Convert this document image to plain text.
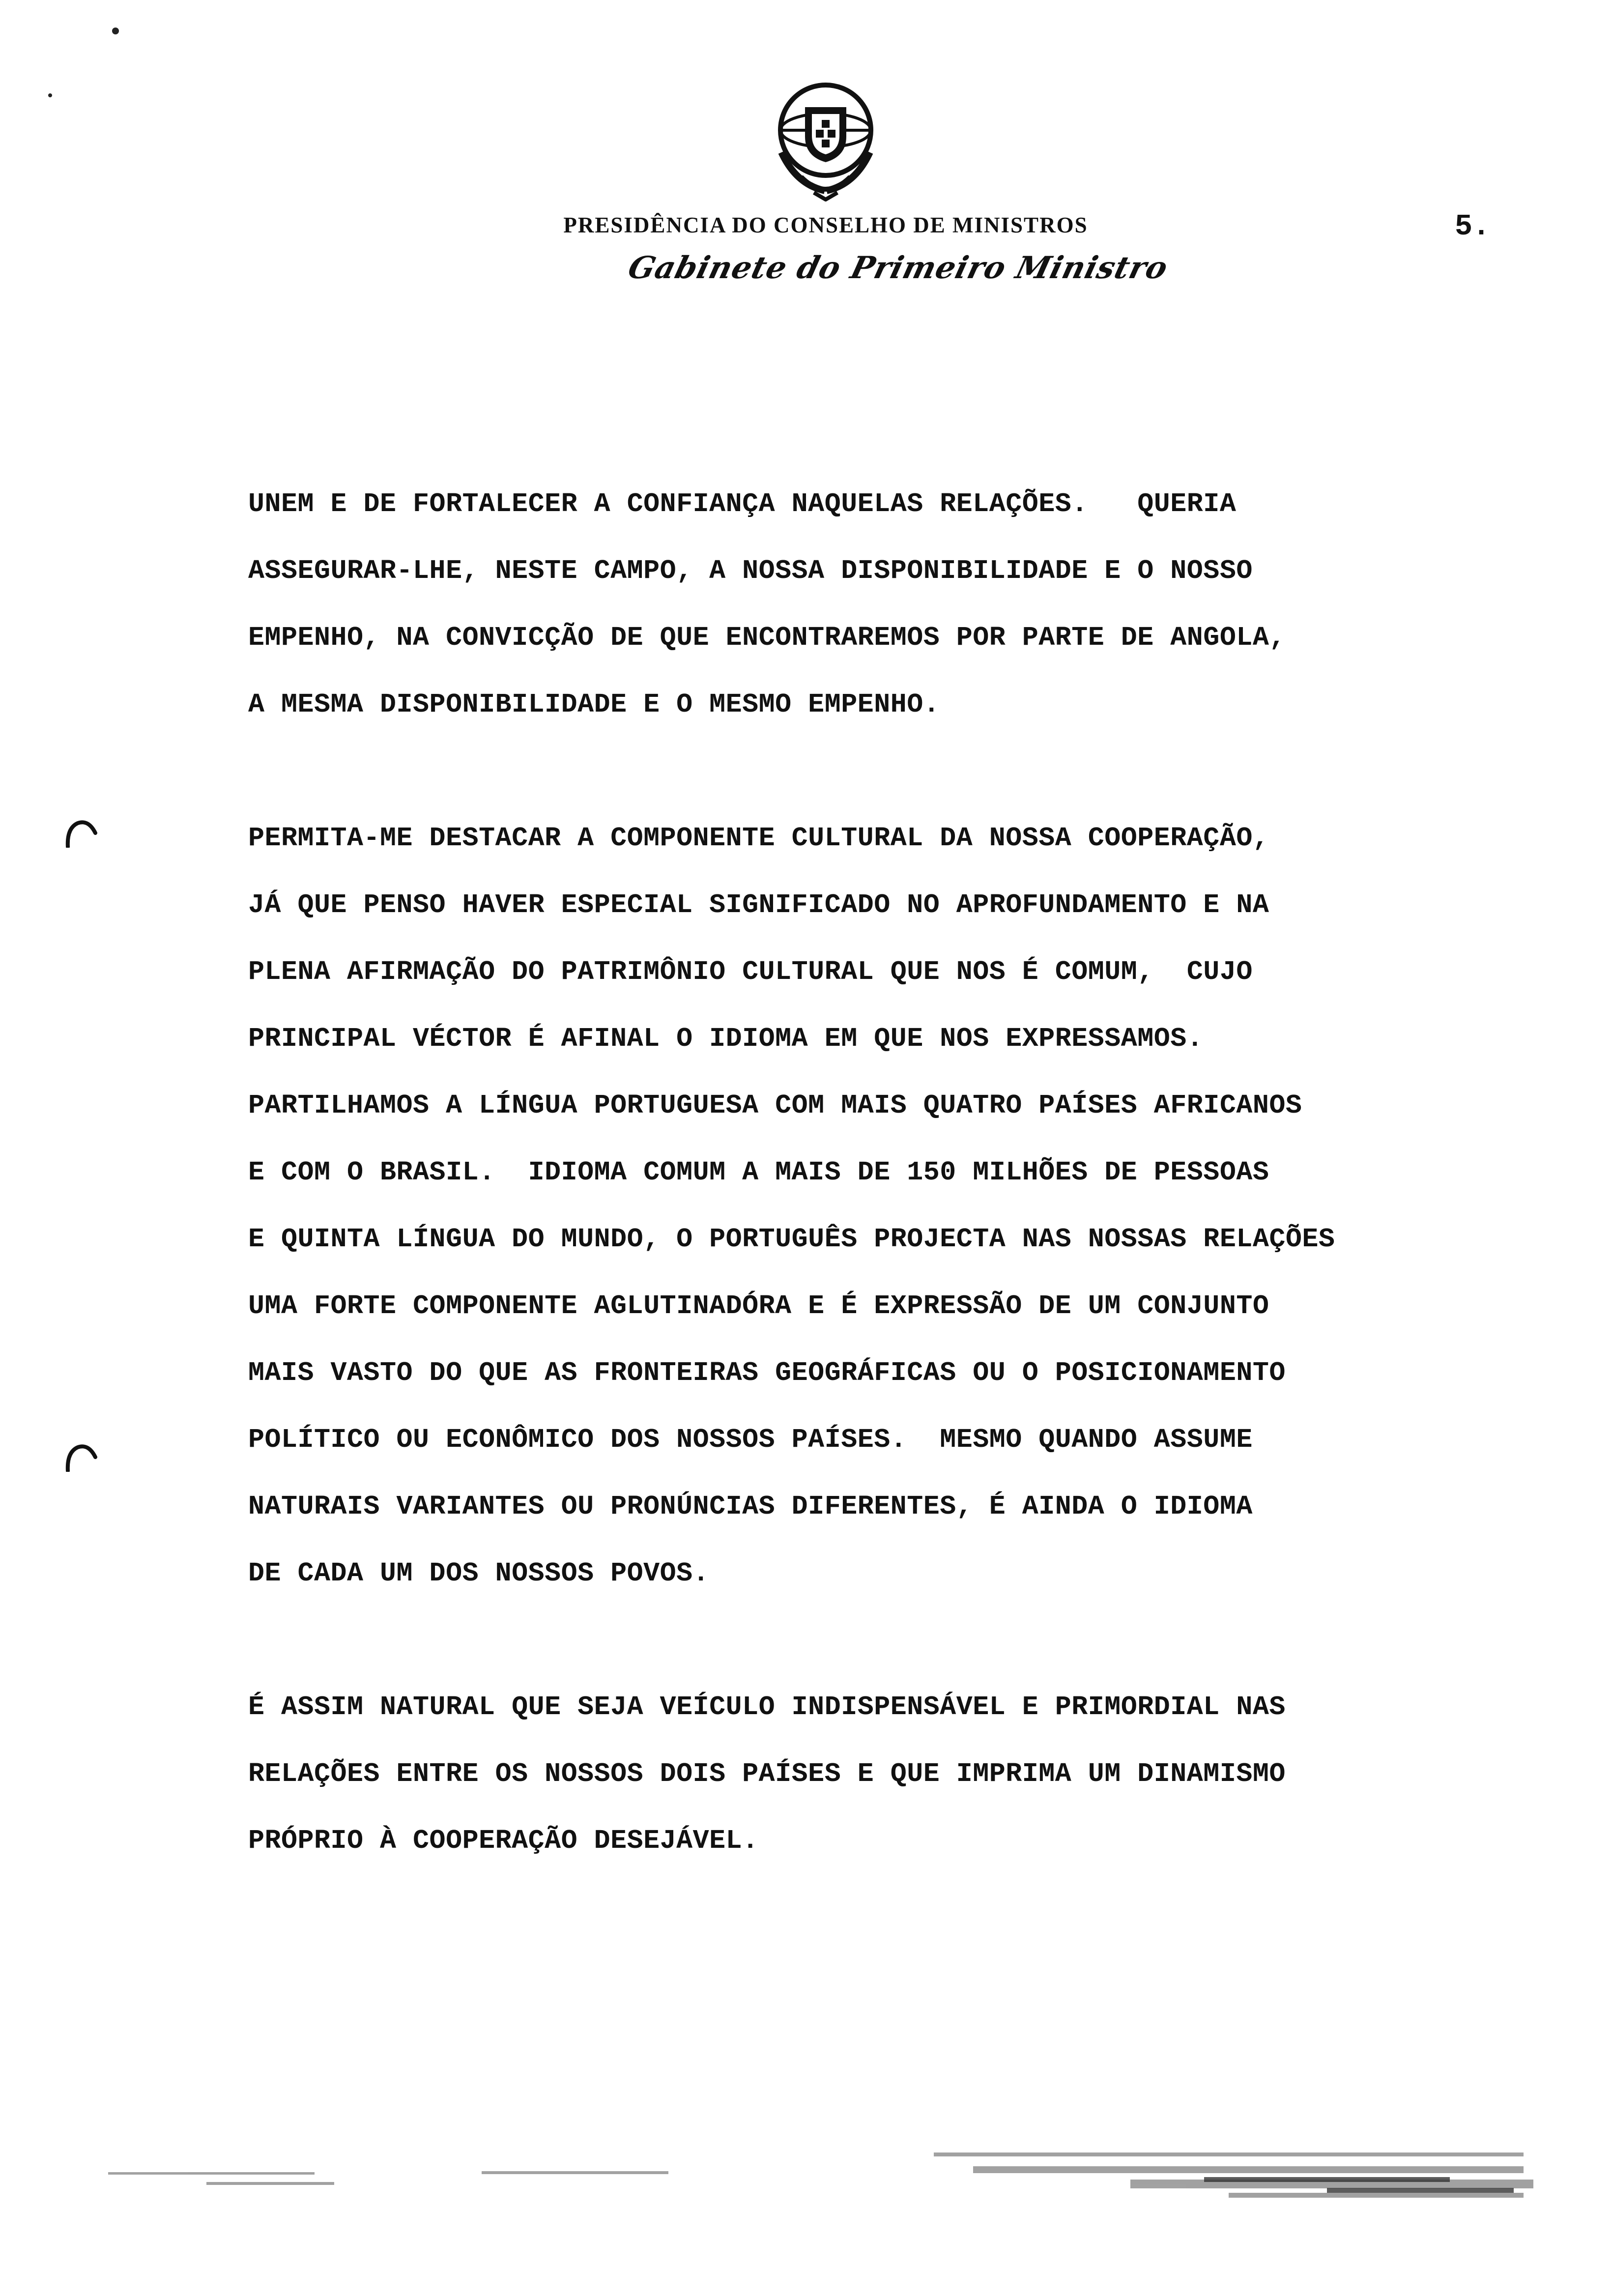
PRESIDÊNCIA DO CONSELHO DE MINISTROS
Gabinete do Primeiro Ministro
5.
UNEM E DE FORTALECER A CONFIANÇA NAQUELAS RELAÇÕES.   QUERIA
ASSEGURAR-LHE, NESTE CAMPO, A NOSSA DISPONIBILIDADE E O NOSSO
EMPENHO, NA CONVICÇÃO DE QUE ENCONTRAREMOS POR PARTE DE ANGOLA,
A MESMA DISPONIBILIDADE E O MESMO EMPENHO.
PERMITA-ME DESTACAR A COMPONENTE CULTURAL DA NOSSA COOPERAÇÃO,
JÁ QUE PENSO HAVER ESPECIAL SIGNIFICADO NO APROFUNDAMENTO E NA
PLENA AFIRMAÇÃO DO PATRIMÔNIO CULTURAL QUE NOS É COMUM,  CUJO
PRINCIPAL VÉCTOR É AFINAL O IDIOMA EM QUE NOS EXPRESSAMOS.
PARTILHAMOS A LÍNGUA PORTUGUESA COM MAIS QUATRO PAÍSES AFRICANOS
E COM O BRASIL.  IDIOMA COMUM A MAIS DE 150 MILHÕES DE PESSOAS
E QUINTA LÍNGUA DO MUNDO, O PORTUGUÊS PROJECTA NAS NOSSAS RELAÇÕES
UMA FORTE COMPONENTE AGLUTINADÓRA E É EXPRESSÃO DE UM CONJUNTO
MAIS VASTO DO QUE AS FRONTEIRAS GEOGRÁFICAS OU O POSICIONAMENTO
POLÍTICO OU ECONÔMICO DOS NOSSOS PAÍSES.  MESMO QUANDO ASSUME
NATURAIS VARIANTES OU PRONÚNCIAS DIFERENTES, É AINDA O IDIOMA
DE CADA UM DOS NOSSOS POVOS.
É ASSIM NATURAL QUE SEJA VEÍCULO INDISPENSÁVEL E PRIMORDIAL NAS
RELAÇÕES ENTRE OS NOSSOS DOIS PAÍSES E QUE IMPRIMA UM DINAMISMO
PRÓPRIO À COOPERAÇÃO DESEJÁVEL.
